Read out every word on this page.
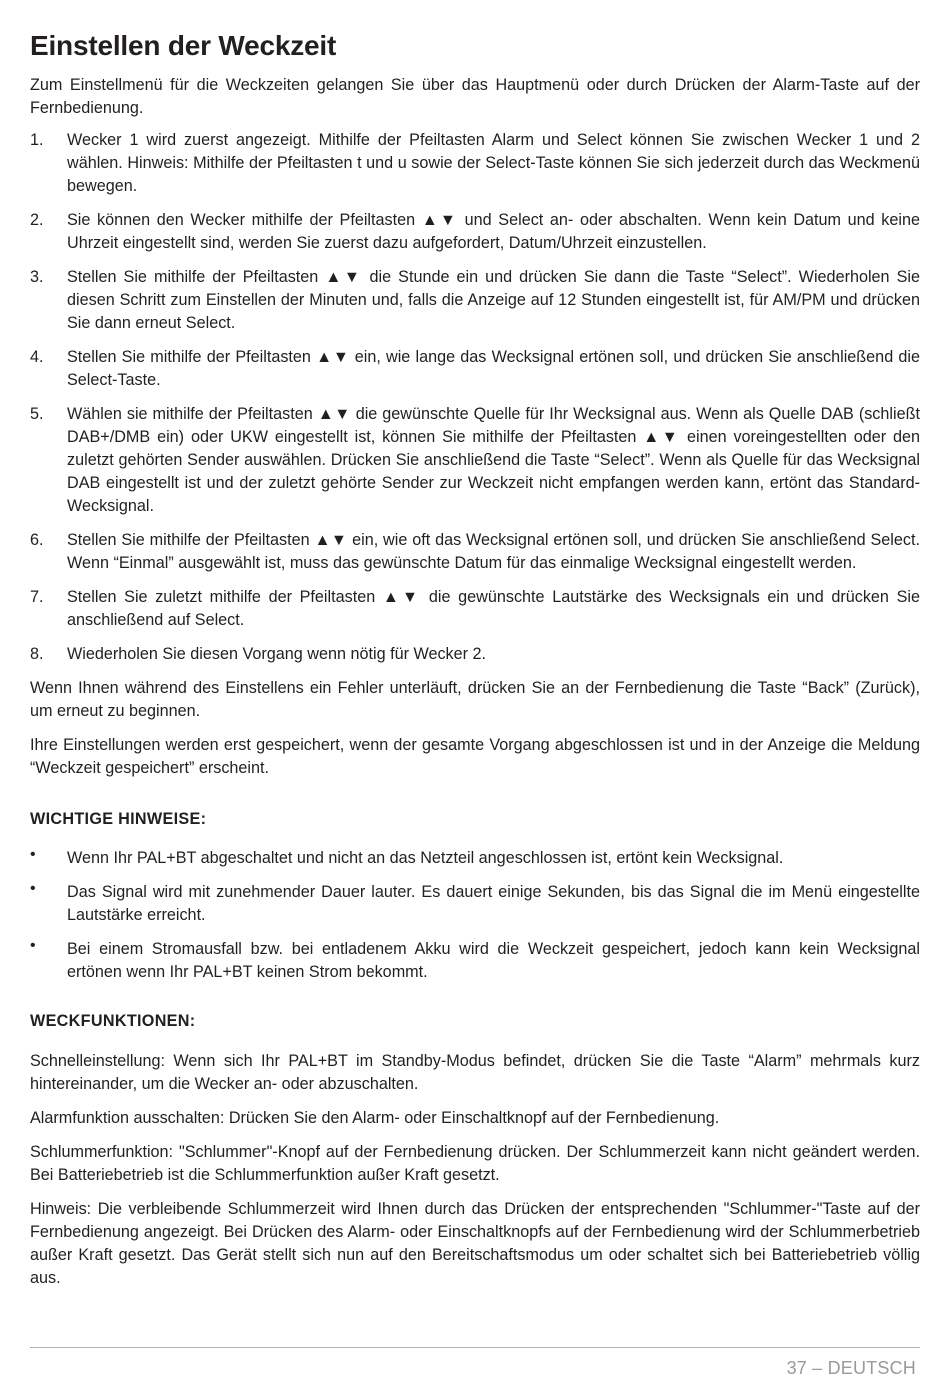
Einstellen der Weckzeit

Zum Einstellmenü für die Weckzeiten gelangen Sie über das Hauptmenü oder durch Drücken der Alarm-Taste auf der Fernbedienung.

1. Wecker 1 wird zuerst angezeigt. Mithilfe der Pfeiltasten Alarm und Select können Sie zwischen Wecker 1 und 2 wählen. Hinweis: Mithilfe der Pfeiltasten t und u sowie der Select-Taste können Sie sich jederzeit durch das Weckmenü bewegen.
2. Sie können den Wecker mithilfe der Pfeiltasten ▲▼ und Select an- oder abschalten. Wenn kein Datum und keine Uhrzeit eingestellt sind, werden Sie zuerst dazu aufgefordert, Datum/Uhrzeit einzustellen.
3. Stellen Sie mithilfe der Pfeiltasten ▲▼ die Stunde ein und drücken Sie dann die Taste “Select”. Wiederholen Sie diesen Schritt zum Einstellen der Minuten und, falls die Anzeige auf 12 Stunden eingestellt ist, für AM/PM und drücken Sie dann erneut Select.
4. Stellen Sie mithilfe der Pfeiltasten ▲▼ ein, wie lange das Wecksignal ertönen soll, und drücken Sie anschließend die Select-Taste.
5. Wählen sie mithilfe der Pfeiltasten ▲▼ die gewünschte Quelle für Ihr Wecksignal aus. Wenn als Quelle DAB (schließt DAB+/DMB ein) oder UKW eingestellt ist, können Sie mithilfe der Pfeiltasten ▲▼ einen voreingestellten oder den zuletzt gehörten Sender auswählen. Drücken Sie anschließend die Taste “Select”. Wenn als Quelle für das Wecksignal DAB eingestellt ist und der zuletzt gehörte Sender zur Weckzeit nicht empfangen werden kann, ertönt das Standard-Wecksignal.
6. Stellen Sie mithilfe der Pfeiltasten ▲▼ ein, wie oft das Wecksignal ertönen soll, und drücken Sie anschließend Select. Wenn “Einmal” ausgewählt ist, muss das gewünschte Datum für das einmalige Wecksignal eingestellt werden.
7. Stellen Sie zuletzt mithilfe der Pfeiltasten ▲▼ die gewünschte Lautstärke des Wecksignals ein und drücken Sie anschließend auf Select.
8. Wiederholen Sie diesen Vorgang wenn nötig für Wecker 2.

Wenn Ihnen während des Einstellens ein Fehler unterläuft, drücken Sie an der Fernbedienung die Taste “Back” (Zurück), um erneut zu beginnen.

Ihre Einstellungen werden erst gespeichert, wenn der gesamte Vorgang abgeschlossen ist und in der Anzeige die Meldung “Weckzeit gespeichert” erscheint.

WICHTIGE HINWEISE:
• Wenn Ihr PAL+BT abgeschaltet und nicht an das Netzteil angeschlossen ist, ertönt kein Wecksignal.
• Das Signal wird mit zunehmender Dauer lauter. Es dauert einige Sekunden, bis das Signal die im Menü eingestellte Lautstärke erreicht.
• Bei einem Stromausfall bzw. bei entladenem Akku wird die Weckzeit gespeichert, jedoch kann kein Wecksignal ertönen wenn Ihr PAL+BT keinen Strom bekommt.
WECKFUNKTIONEN:

Schnelleinstellung: Wenn sich Ihr PAL+BT im Standby-Modus befindet, drücken Sie die Taste “Alarm” mehrmals kurz hintereinander, um die Wecker an- oder abzuschalten.

Alarmfunktion ausschalten: Drücken Sie den Alarm- oder Einschaltknopf auf der Fernbedienung.

Schlummerfunktion: "Schlummer"-Knopf auf der Fernbedienung drücken. Der Schlummerzeit kann nicht geändert werden. Bei Batteriebetrieb ist die Schlummerfunktion außer Kraft gesetzt.

Hinweis: Die verbleibende Schlummerzeit wird Ihnen durch das Drücken der entsprechenden "Schlummer-"Taste auf der Fernbedienung angezeigt. Bei Drücken des Alarm- oder Einschaltknopfs auf der Fernbedienung wird der Schlummerbetrieb außer Kraft gesetzt. Das Gerät stellt sich nun auf den Bereitschaftsmodus um oder schaltet sich bei Batteriebetrieb völlig aus.

37 – DEUTSCH
